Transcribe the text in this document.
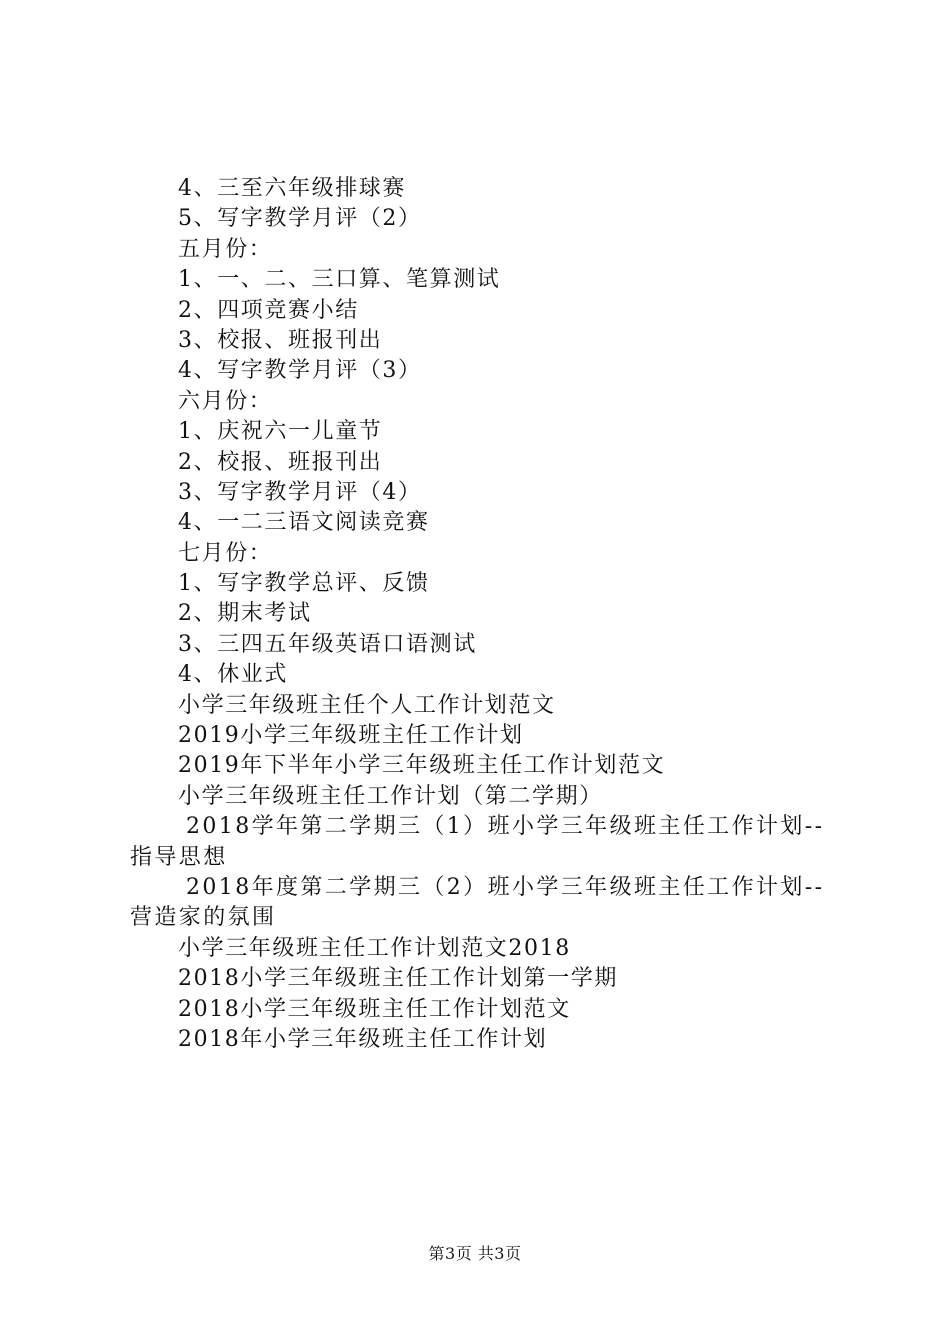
4、三至六年级排球赛
5、写字教学月评（2）
五月份：
1、一、二、三口算、笔算测试
2、四项竞赛小结
3、校报、班报刊出
4、写字教学月评（3）
六月份：
1、庆祝六一儿童节
2、校报、班报刊出
3、写字教学月评（4）
4、一二三语文阅读竞赛
七月份：
1、写字教学总评、反馈
2、期末考试
3、三四五年级英语口语测试
4、休业式
小学三年级班主任个人工作计划范文
2019小学三年级班主任工作计划
2019年下半年小学三年级班主任工作计划范文
小学三年级班主任工作计划（第二学期）
2018学年第二学期三（1）班小学三年级班主任工作计划--指导思想
2018年度第二学期三（2）班小学三年级班主任工作计划--营造家的氛围
小学三年级班主任工作计划范文2018
2018小学三年级班主任工作计划第一学期
2018小学三年级班主任工作计划范文
2018年小学三年级班主任工作计划
第3页 共3页
